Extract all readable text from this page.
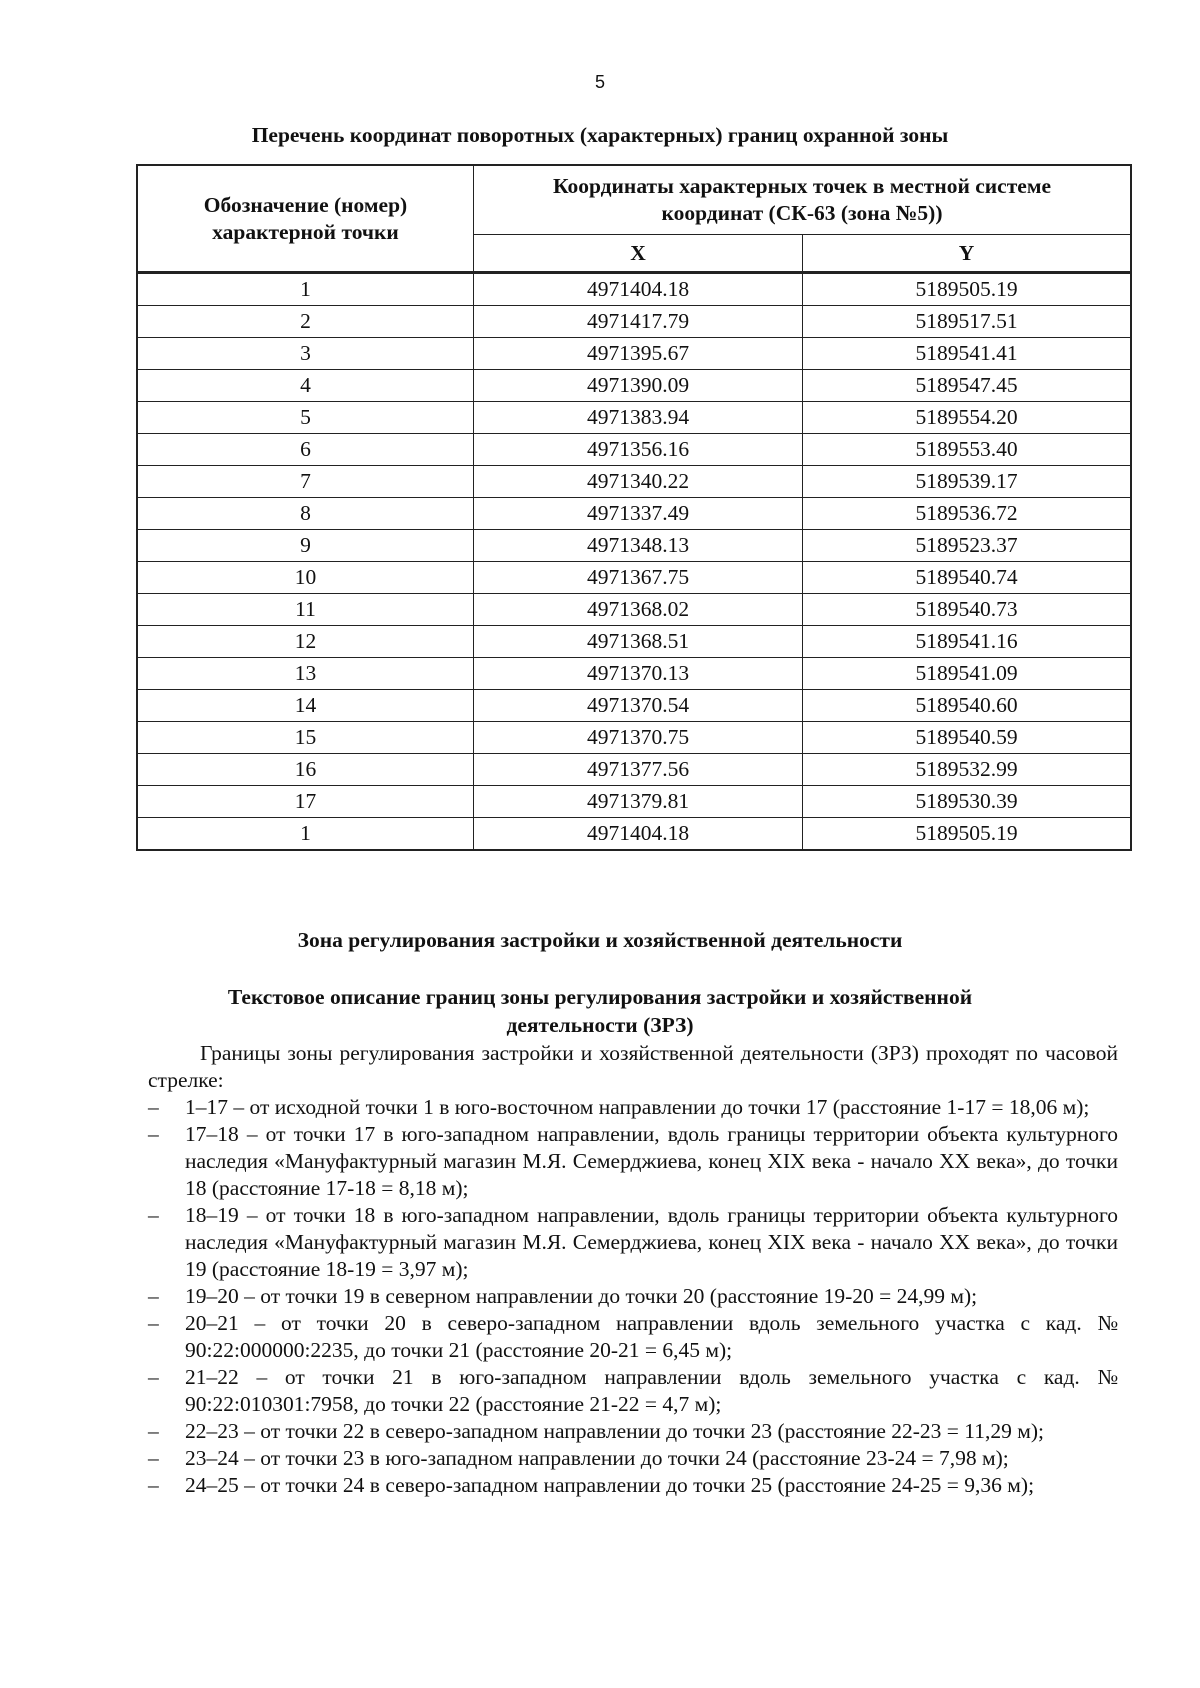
5
Перечень координат поворотных (характерных) границ охранной зоны
Обозначение (номер) характерной точки	Координаты характерных точек в местной системе координат (СК-63 (зона №5))	
	X	Y
1	4971404.18	5189505.19
2	4971417.79	5189517.51
3	4971395.67	5189541.41
4	4971390.09	5189547.45
5	4971383.94	5189554.20
6	4971356.16	5189553.40
7	4971340.22	5189539.17
8	4971337.49	5189536.72
9	4971348.13	5189523.37
10	4971367.75	5189540.74
11	4971368.02	5189540.73
12	4971368.51	5189541.16
13	4971370.13	5189541.09
14	4971370.54	5189540.60
15	4971370.75	5189540.59
16	4971377.56	5189532.99
17	4971379.81	5189530.39
1	4971404.18	5189505.19
Зона регулирования застройки и хозяйственной деятельности
Текстовое описание границ зоны регулирования застройки и хозяйственной деятельности (ЗРЗ)
Границы зоны регулирования застройки и хозяйственной деятельности (ЗРЗ) проходят по часовой стрелке:
– 1–17 – от исходной точки 1 в юго-восточном направлении до точки 17 (расстояние 1-17 = 18,06 м);
– 17–18 – от точки 17 в юго-западном направлении, вдоль границы территории объекта культурного наследия «Мануфактурный магазин М.Я. Семерджиева, конец XIX века - начало XX века», до точки 18 (расстояние 17-18 = 8,18 м);
– 18–19 – от точки 18 в юго-западном направлении, вдоль границы территории объекта культурного наследия «Мануфактурный магазин М.Я. Семерджиева, конец XIX века - начало XX века», до точки 19 (расстояние 18-19 = 3,97 м);
– 19–20 – от точки 19 в северном направлении до точки 20 (расстояние 19-20 = 24,99 м);
– 20–21 – от точки 20 в северо-западном направлении вдоль земельного участка с кад. № 90:22:000000:2235, до точки 21 (расстояние 20-21 = 6,45 м);
– 21–22 – от точки 21 в юго-западном направлении вдоль земельного участка с кад. № 90:22:010301:7958, до точки 22 (расстояние 21-22 = 4,7 м);
– 22–23 – от точки 22 в северо-западном направлении до точки 23 (расстояние 22-23 = 11,29 м);
– 23–24 – от точки 23 в юго-западном направлении до точки 24 (расстояние 23-24 = 7,98 м);
– 24–25 – от точки 24 в северо-западном направлении до точки 25 (расстояние 24-25 = 9,36 м);
